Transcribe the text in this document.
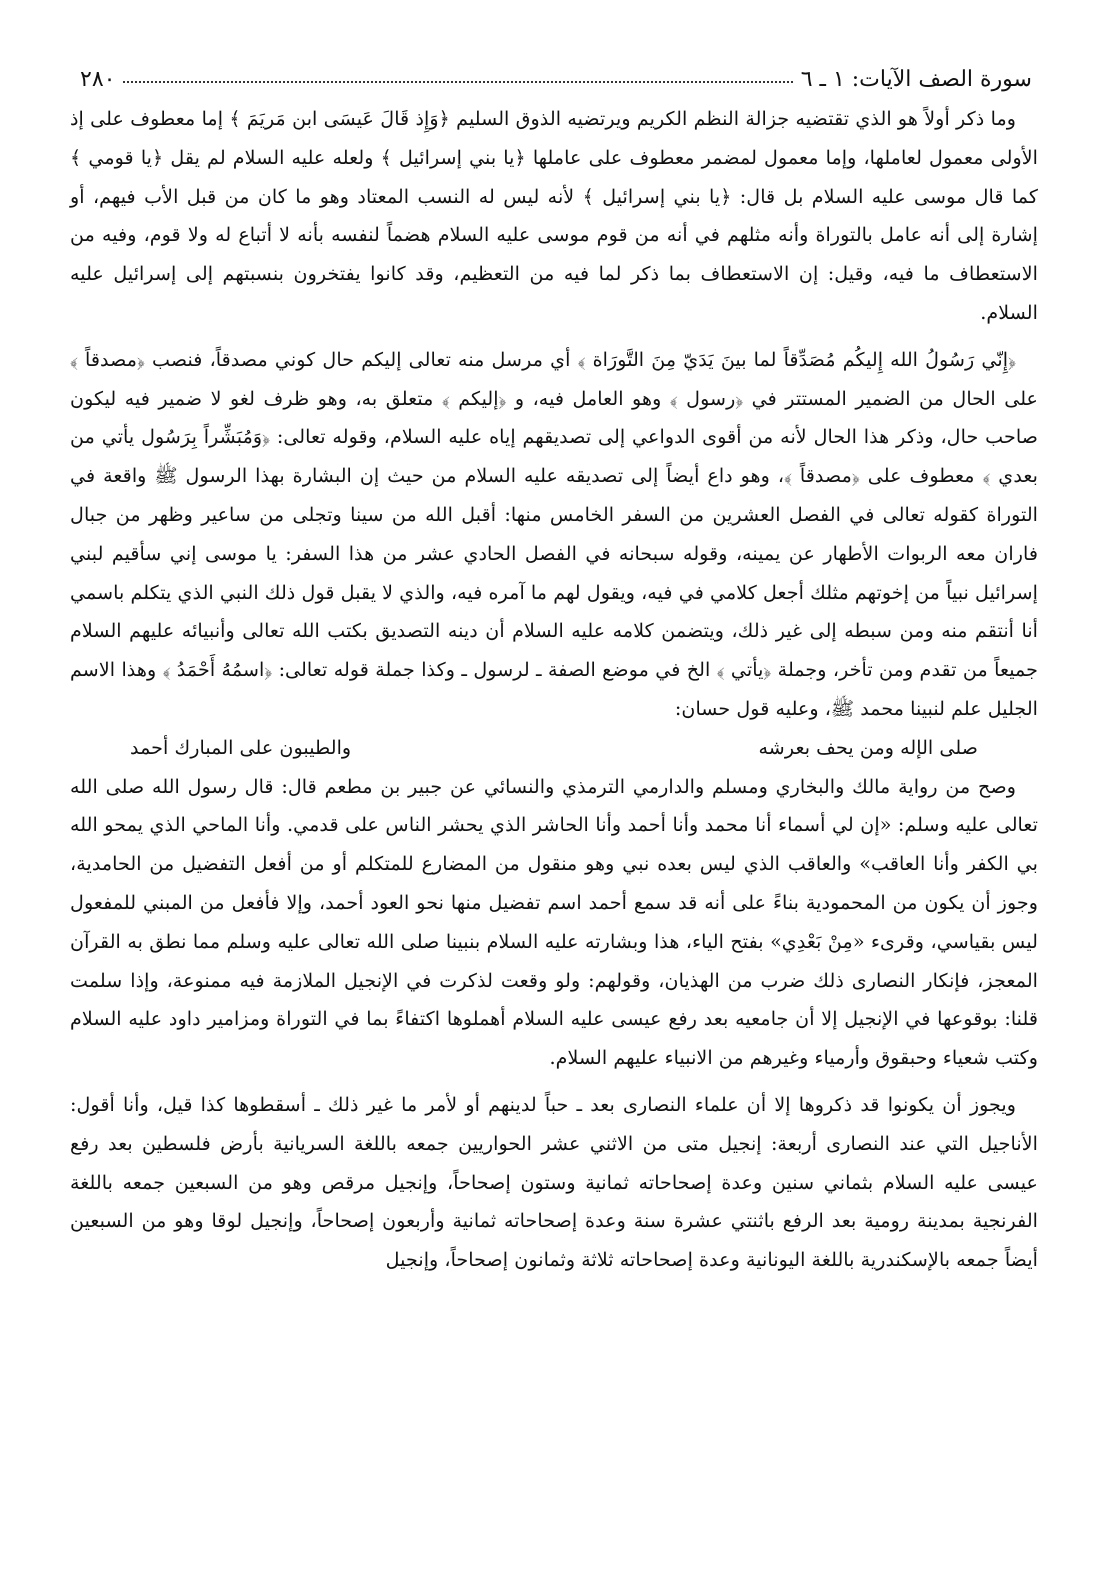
سورة الصف الآيات: ١ ـ ٦
٢٨٠

وما ذكر أولاً هو الذي تقتضيه جزالة النظم الكريم ويرتضيه الذوق السليم ﴿وَإِذ قَالَ عَيسَى ابن مَريَمَ ﴾ إما معطوف على إذ الأولى معمول لعاملها، وإما معمول لمضمر معطوف على عاملها ﴿يا بني إسرائيل ﴾ ولعله عليه السلام لم يقل ﴿يا قومي ﴾ كما قال موسى عليه السلام بل قال: ﴿يا بني إسرائيل ﴾ لأنه ليس له النسب المعتاد وهو ما كان من قبل الأب فيهم، أو إشارة إلى أنه عامل بالتوراة وأنه مثلهم في أنه من قوم موسى عليه السلام هضماً لنفسه بأنه لا أتباع له ولا قوم، وفيه من الاستعطاف ما فيه، وقيل: إن الاستعطاف بما ذكر لما فيه من التعظيم، وقد كانوا يفتخرون بنسبتهم إلى إسرائيل عليه السلام.

﴿إِنّي رَسُولُ الله إِليكُم مُصَدِّقاً لما بينَ يَدَيّ مِنَ التَّورَاة ﴾ أي مرسل منه تعالى إليكم حال كوني مصدقاً، فنصب ﴿مصدقاً ﴾ على الحال من الضمير المستتر في ﴿رسول ﴾ وهو العامل فيه، و ﴿إليكم ﴾ متعلق به، وهو ظرف لغو لا ضمير فيه ليكون صاحب حال، وذكر هذا الحال لأنه من أقوى الدواعي إلى تصديقهم إياه عليه السلام، وقوله تعالى: ﴿وَمُبَشِّراً بِرَسُول يأتي من بعدي ﴾ معطوف على ﴿مصدقاً ﴾، وهو داع أيضاً إلى تصديقه عليه السلام من حيث إن البشارة بهذا الرسول ﷺ واقعة في التوراة كقوله تعالى في الفصل العشرين من السفر الخامس منها: أقبل الله من سينا وتجلى من ساعير وظهر من جبال فاران معه الربوات الأطهار عن يمينه، وقوله سبحانه في الفصل الحادي عشر من هذا السفر: يا موسى إني سأقيم لبني إسرائيل نبياً من إخوتهم مثلك أجعل كلامي في فيه، ويقول لهم ما آمره فيه، والذي لا يقبل قول ذلك النبي الذي يتكلم باسمي أنا أنتقم منه ومن سبطه إلى غير ذلك، ويتضمن كلامه عليه السلام أن دينه التصديق بكتب الله تعالى وأنبيائه عليهم السلام جميعاً من تقدم ومن تأخر، وجملة ﴿يأتي ﴾ الخ في موضع الصفة ـ لرسول ـ وكذا جملة قوله تعالى: ﴿اسمُهُ أَحْمَدُ ﴾ وهذا الاسم الجليل علم لنبينا محمد ﷺ، وعليه قول حسان:

صلى الإله ومن يحف بعرشه
والطيبون على المبارك أحمد

وصح من رواية مالك والبخاري ومسلم والدارمي الترمذي والنسائي عن جبير بن مطعم قال: قال رسول الله صلى الله تعالى عليه وسلم: «إن لي أسماء أنا محمد وأنا أحمد وأنا الحاشر الذي يحشر الناس على قدمي. وأنا الماحي الذي يمحو الله بي الكفر وأنا العاقب» والعاقب الذي ليس بعده نبي وهو منقول من المضارع للمتكلم أو من أفعل التفضيل من الحامدية، وجوز أن يكون من المحمودية بناءً على أنه قد سمع أحمد اسم تفضيل منها نحو العود أحمد، وإلا فأفعل من المبني للمفعول ليس بقياسي، وقرىء «مِنْ بَعْدِي» بفتح الياء، هذا وبشارته عليه السلام بنبينا صلى الله تعالى عليه وسلم مما نطق به القرآن المعجز، فإنكار النصارى ذلك ضرب من الهذيان، وقولهم: ولو وقعت لذكرت في الإنجيل الملازمة فيه ممنوعة، وإذا سلمت قلنا: بوقوعها في الإنجيل إلا أن جامعيه بعد رفع عيسى عليه السلام أهملوها اكتفاءً بما في التوراة ومزامير داود عليه السلام وكتب شعياء وحبقوق وأرمياء وغيرهم من الانبياء عليهم السلام.

ويجوز أن يكونوا قد ذكروها إلا أن علماء النصارى بعد ـ حباً لدينهم أو لأمر ما غير ذلك ـ أسقطوها كذا قيل، وأنا أقول: الأناجيل التي عند النصارى أربعة: إنجيل متى من الاثني عشر الحواريين جمعه باللغة السريانية بأرض فلسطين بعد رفع عيسى عليه السلام بثماني سنين وعدة إصحاحاته ثمانية وستون إصحاحاً، وإنجيل مرقص وهو من السبعين جمعه باللغة الفرنجية بمدينة رومية بعد الرفع باثنتي عشرة سنة وعدة إصحاحاته ثمانية وأربعون إصحاحاً، وإنجيل لوقا وهو من السبعين أيضاً جمعه بالإسكندرية باللغة اليونانية وعدة إصحاحاته ثلاثة وثمانون إصحاحاً، وإنجيل
